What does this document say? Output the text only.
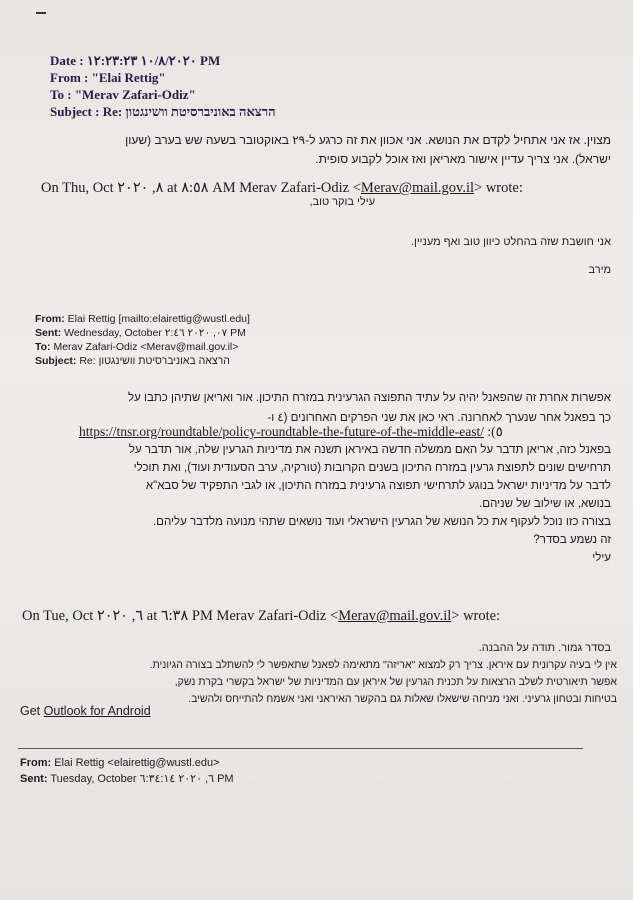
Date : ١٠/٨/٢٠٢٠ ١٢:٢٣:٢٣ PM
From : "Elai Rettig"
To : "Merav Zafari-Odiz"
Subject : Re: הרצאה באוניברסיטת וושינגטון
מצוין. אז אני אתחיל לקדם את הנושא. אני אכוון את זה כרגע ל-٢٩ באוקטובר בשעה שש בערב (שעון
ישראל). אני צריך עדיין אישור מאריאן ואז אוכל לקבוע סופית.
On Thu, Oct ٨, ٢٠٢٠ at ٨:٥٨ AM Merav Zafari-Odiz <Merav@mail.gov.il> wrote:
עילי בוקר טוב,
אני חושבת שזה בהחלט כיוון טוב ואף מעניין.
מירב
From: Elai Rettig [mailto:elairettig@wustl.edu]
Sent: Wednesday, October ٠٧, ٢٠٢٠ ٢:٤٦ PM
To: Merav Zafari-Odiz <Merav@mail.gov.il>
Subject: Re: הרצאה באוניברסיטת וושינגטון
אפשרות אחרת זה שהפאנל יהיה על עתיד התפוצה הגרעינית במזרח התיכון. אור ואריאן שתיהן כתבו על
כך בפאנל אחר שנערך לאחרונה. ראי כאן את שני הפרקים האחרונים (٤ ו-
https://tnsr.org/roundtable/policy-roundtable-the-future-of-the-middle-east/ :(٥
בפאנל כזה, אריאן תדבר על האם ממשלה חדשה באיראן תשנה את מדיניות הגרעין שלה, אור תדבר על
תרחישים שונים לתפוצת גרעין במזרח התיכון בשנים הקרובות (טורקיה, ערב הסעודית ועוד), ואת תוכלי
לדבר על מדיניות ישראל בנוגע לתרחישי תפוצה גרעינית במזרח התיכון, או לגבי התפקיד של סבא"א
בנושא, או שילוב של שניהם.
בצורה כזו נוכל לעקוף את כל הנושא של הגרעין הישראלי ועוד נושאים שתהי מנועה מלדבר עליהם.
זה נשמע בסדר?
עילי
On Tue, Oct ٦, ٢٠٢٠ at ٦:٣٨ PM Merav Zafari-Odiz <Merav@mail.gov.il> wrote:
בסדר גמור. תודה על ההבנה.
אין לי בעיה עקרונית עם איראן. צריך רק למצוא "אריזה" מתאימה לפאנל שתאפשר לי להשתלב בצורה הגיונית.
אפשר תיאורטית לשלב הרצאות על תכנית הגרעין של איראן עם המדיניות של ישראל בקשרי בקרת נשק,
בטיחות ובטחון גרעיני. ואני מניחה שישאלו שאלות גם בהקשר האיראני ואני אשמח להתייחס ולהשיב.
Get Outlook for Android
From: Elai Rettig <elairettig@wustl.edu>
Sent: Tuesday, October ٦, ٢٠٢٠ ٦:٣٤:١٤ PM
